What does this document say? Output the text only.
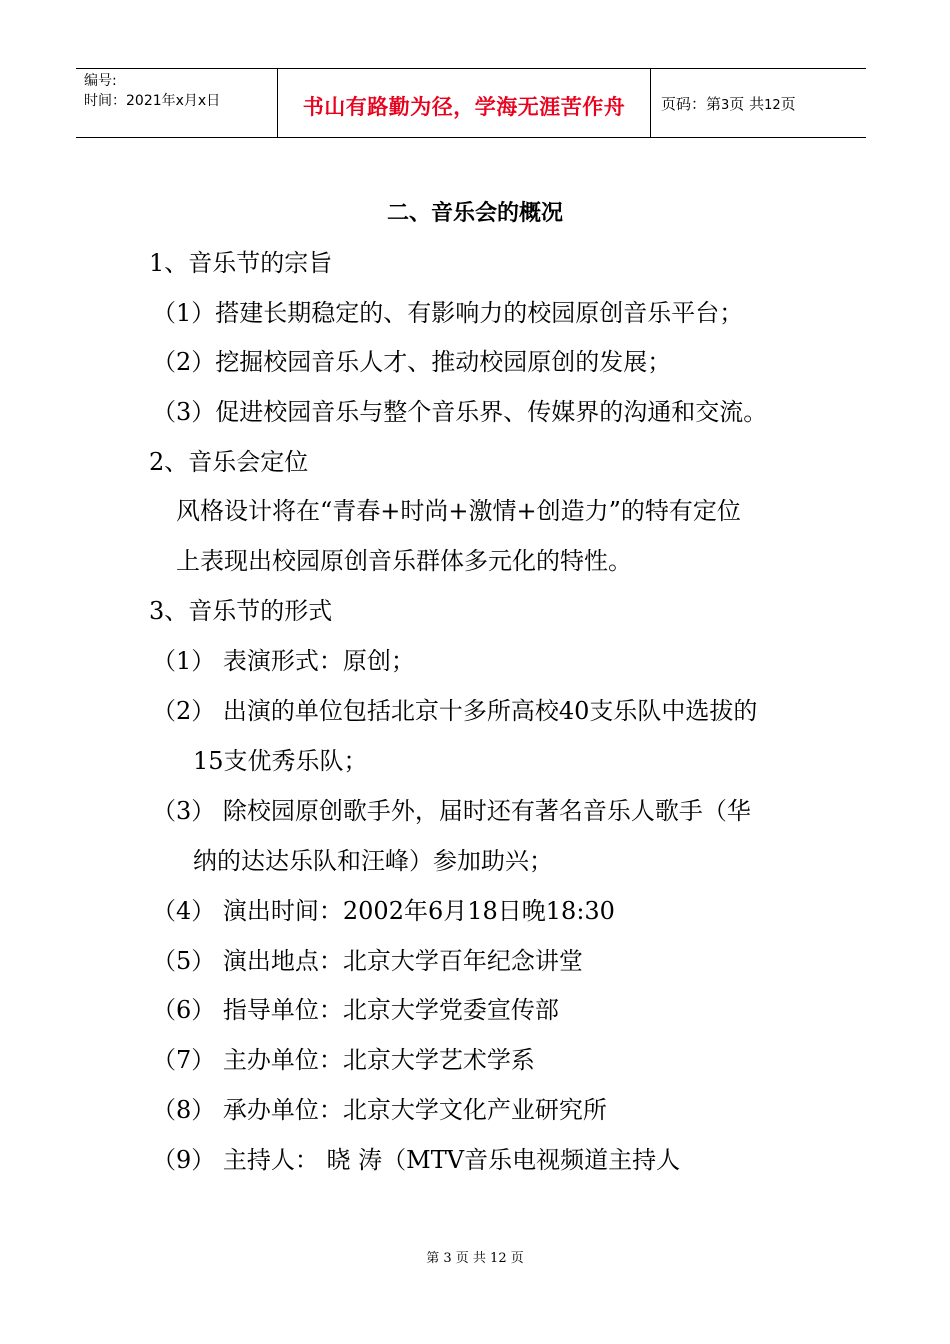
编号:
时间：2021年x月x日	书山有路勤为径，学海无涯苦作舟	页码：第3页 共12页
二、音乐会的概况
1、音乐节的宗旨
（1）搭建长期稳定的、有影响力的校园原创音乐平台；
（2）挖掘校园音乐人才、推动校园原创的发展；
（3）促进校园音乐与整个音乐界、传媒界的沟通和交流。
2、音乐会定位
风格设计将在“青春+时尚+激情+创造力”的特有定位
上表现出校园原创音乐群体多元化的特性。
3、音乐节的形式
（1） 表演形式：原创；
（2） 出演的单位包括北京十多所高校40支乐队中选拔的
15支优秀乐队；
（3） 除校园原创歌手外，届时还有著名音乐人歌手（华
纳的达达乐队和汪峰）参加助兴；
（4） 演出时间：2002年6月18日晚18:30
（5） 演出地点：北京大学百年纪念讲堂
（6） 指导单位：北京大学党委宣传部
（7） 主办单位：北京大学艺术学系
（8） 承办单位：北京大学文化产业研究所
（9） 主持人： 晓 涛（MTV音乐电视频道主持人
第 3 页 共 12 页
